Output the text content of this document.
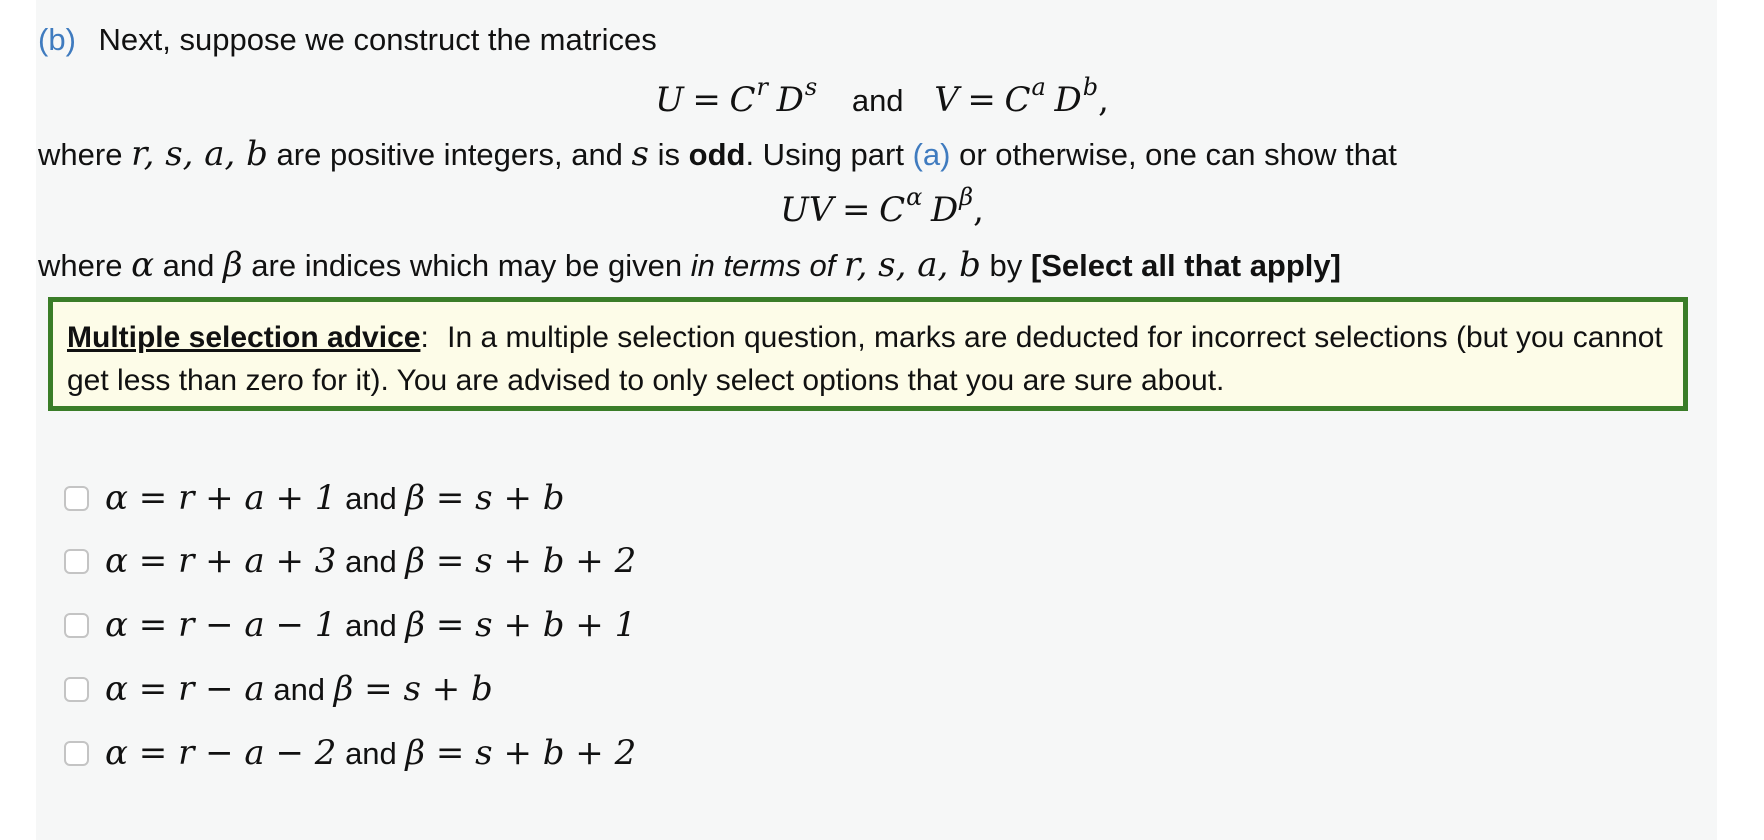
(b) Next, suppose we construct the matrices
$U = C^r$ $D^s$ and $V = C^a$ $D^b$,
where r, s, a, b are positive integers, and s is odd. Using part (a) or otherwise, one can show that
UV = $C^\alpha$ $D^\beta$,
where α and β are indices which may be given in terms of r, s, a, b by [Select all that apply]
Multiple selection advice: In a multiple selection question, marks are deducted for incorrect selections (but you cannot get less than zero for it). You are advised to only select options that you are sure about.
α = r + a + 1 and β = s + b
α = r + a + 3 and β = s + b + 2
α = r − a − 1 and β = s + b + 1
α = r − a and β = s + b
α = r − a − 2 and β = s + b + 2
